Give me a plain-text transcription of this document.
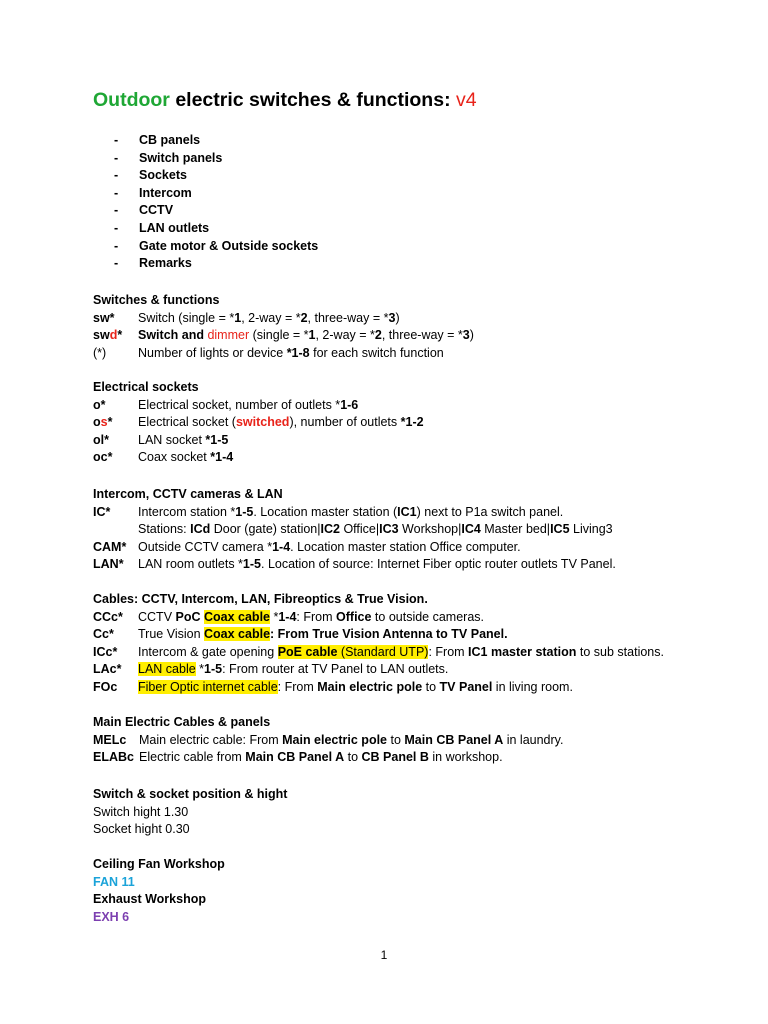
Outdoor electric switches & functions: v4
- CB panels
- Switch panels
- Sockets
- Intercom
- CCTV
- LAN outlets
- Gate motor & Outside sockets
- Remarks
Switches & functions
sw* Switch (single = *1, 2-way = *2, three-way = *3)
swd* Switch and dimmer (single = *1, 2-way = *2, three-way = *3)
(*)	Number of lights or device *1-8 for each switch function
Electrical sockets
o*	Electrical socket, number of outlets *1-6
os* Electrical socket (switched), number of outlets *1-2
ol* LAN socket *1-5
oc* Coax socket *1-4
Intercom, CCTV cameras & LAN
IC* Intercom station *1-5. Location master station (IC1) next to P1a switch panel.
Stations: ICd Door (gate) station|IC2 Office|IC3 Workshop|IC4 Master bed|IC5 Living3
CAM* Outside CCTV camera *1-4. Location master station Office computer.
LAN* LAN room outlets *1-5. Location of source: Internet Fiber optic router outlets TV Panel.
Cables: CCTV, Intercom, LAN, Fibreoptics & True Vision.
CCc* CCTV PoC Coax cable *1-4: From Office to outside cameras.
Cc* True Vision Coax cable: From True Vision Antenna to TV Panel.
ICc* Intercom & gate opening PoE cable (Standard UTP): From IC1 master station to sub stations.
LAc* LAN cable *1-5: From router at TV Panel to LAN outlets.
FOc Fiber Optic internet cable: From Main electric pole to TV Panel in living room.
Main Electric Cables & panels
MELc Main electric cable: From Main electric pole to Main CB Panel A in laundry.
ELABc Electric cable from Main CB Panel A to CB Panel B in workshop.
Switch & socket position & hight
Switch hight 1.30
Socket hight 0.30
Ceiling Fan Workshop
FAN 11
Exhaust Workshop
EXH 6
1
